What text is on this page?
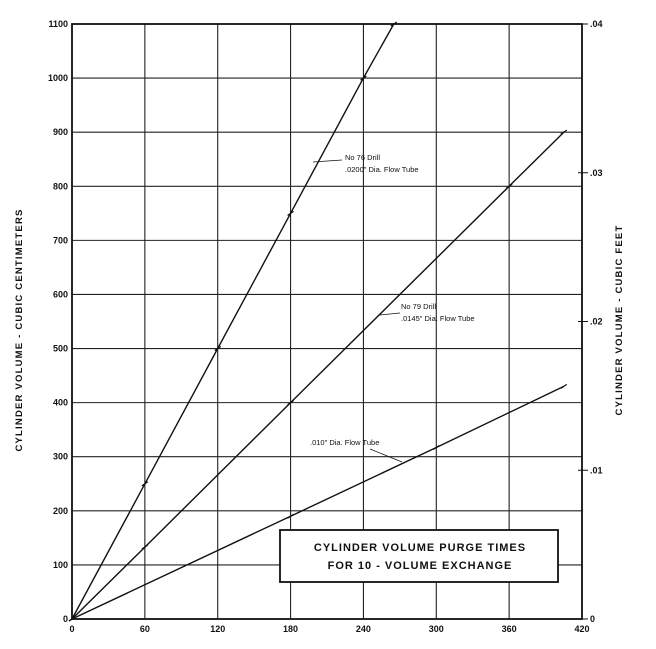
0	60	120	180	240	300	360	420
0
100
200
300
400
500
600
700
800
900
1000
1100
0
.01
.02
.03
.04
CYLINDER VOLUME - CUBIC CENTIMETERS	CYLINDER VOLUME - CUBIC FEET
No 76 Drill
.0200" Dia. Flow Tube
No 79 Drill
.0145" Dia. Flow Tube
.010" Dia. Flow Tube
CYLINDER VOLUME PURGE TIMES
FOR 10 - VOLUME EXCHANGE
